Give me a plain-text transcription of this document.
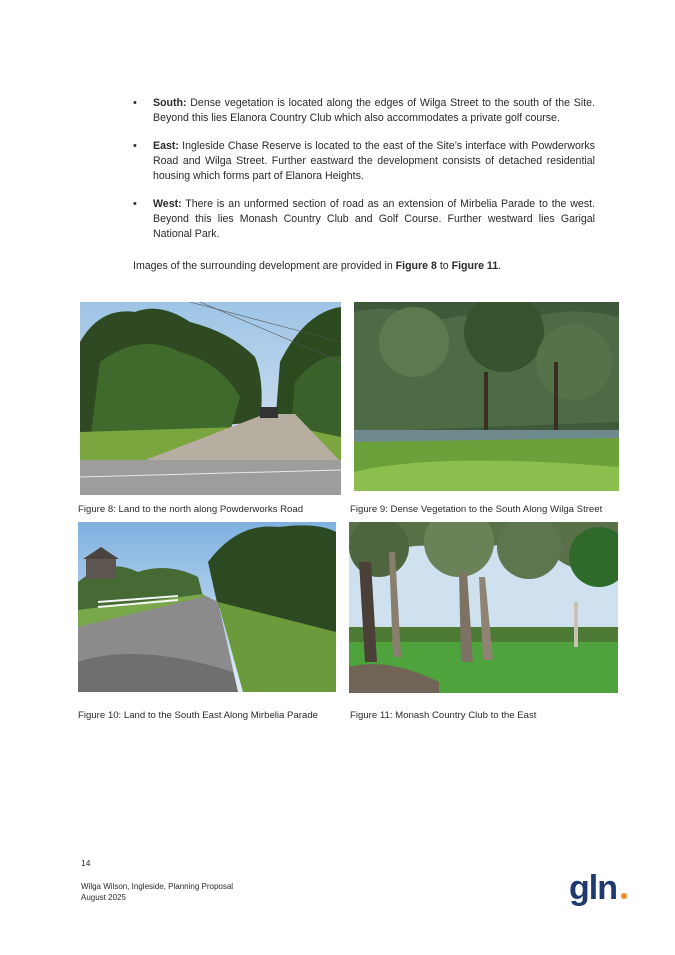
• South: Dense vegetation is located along the edges of Wilga Street to the south of the Site. Beyond this lies Elanora Country Club which also accommodates a private golf course.
• East: Ingleside Chase Reserve is located to the east of the Site’s interface with Powderworks Road and Wilga Street. Further eastward the development consists of detached residential housing which forms part of Elanora Heights.
• West: There is an unformed section of road as an extension of Mirbelia Parade to the west. Beyond this lies Monash Country Club and Golf Course. Further westward lies Garigal National Park.

Images of the surrounding development are provided in Figure 8 to Figure 11.

Figure 8: Land to the north along Powderworks Road	Figure 9: Dense Vegetation to the South Along Wilga Street
Figure 10: Land to the South East Along Mirbelia Parade	Figure 11: Monash Country Club to the East
14
Wilga Wilson, Ingleside, Planning Proposal
August 2025	gln
